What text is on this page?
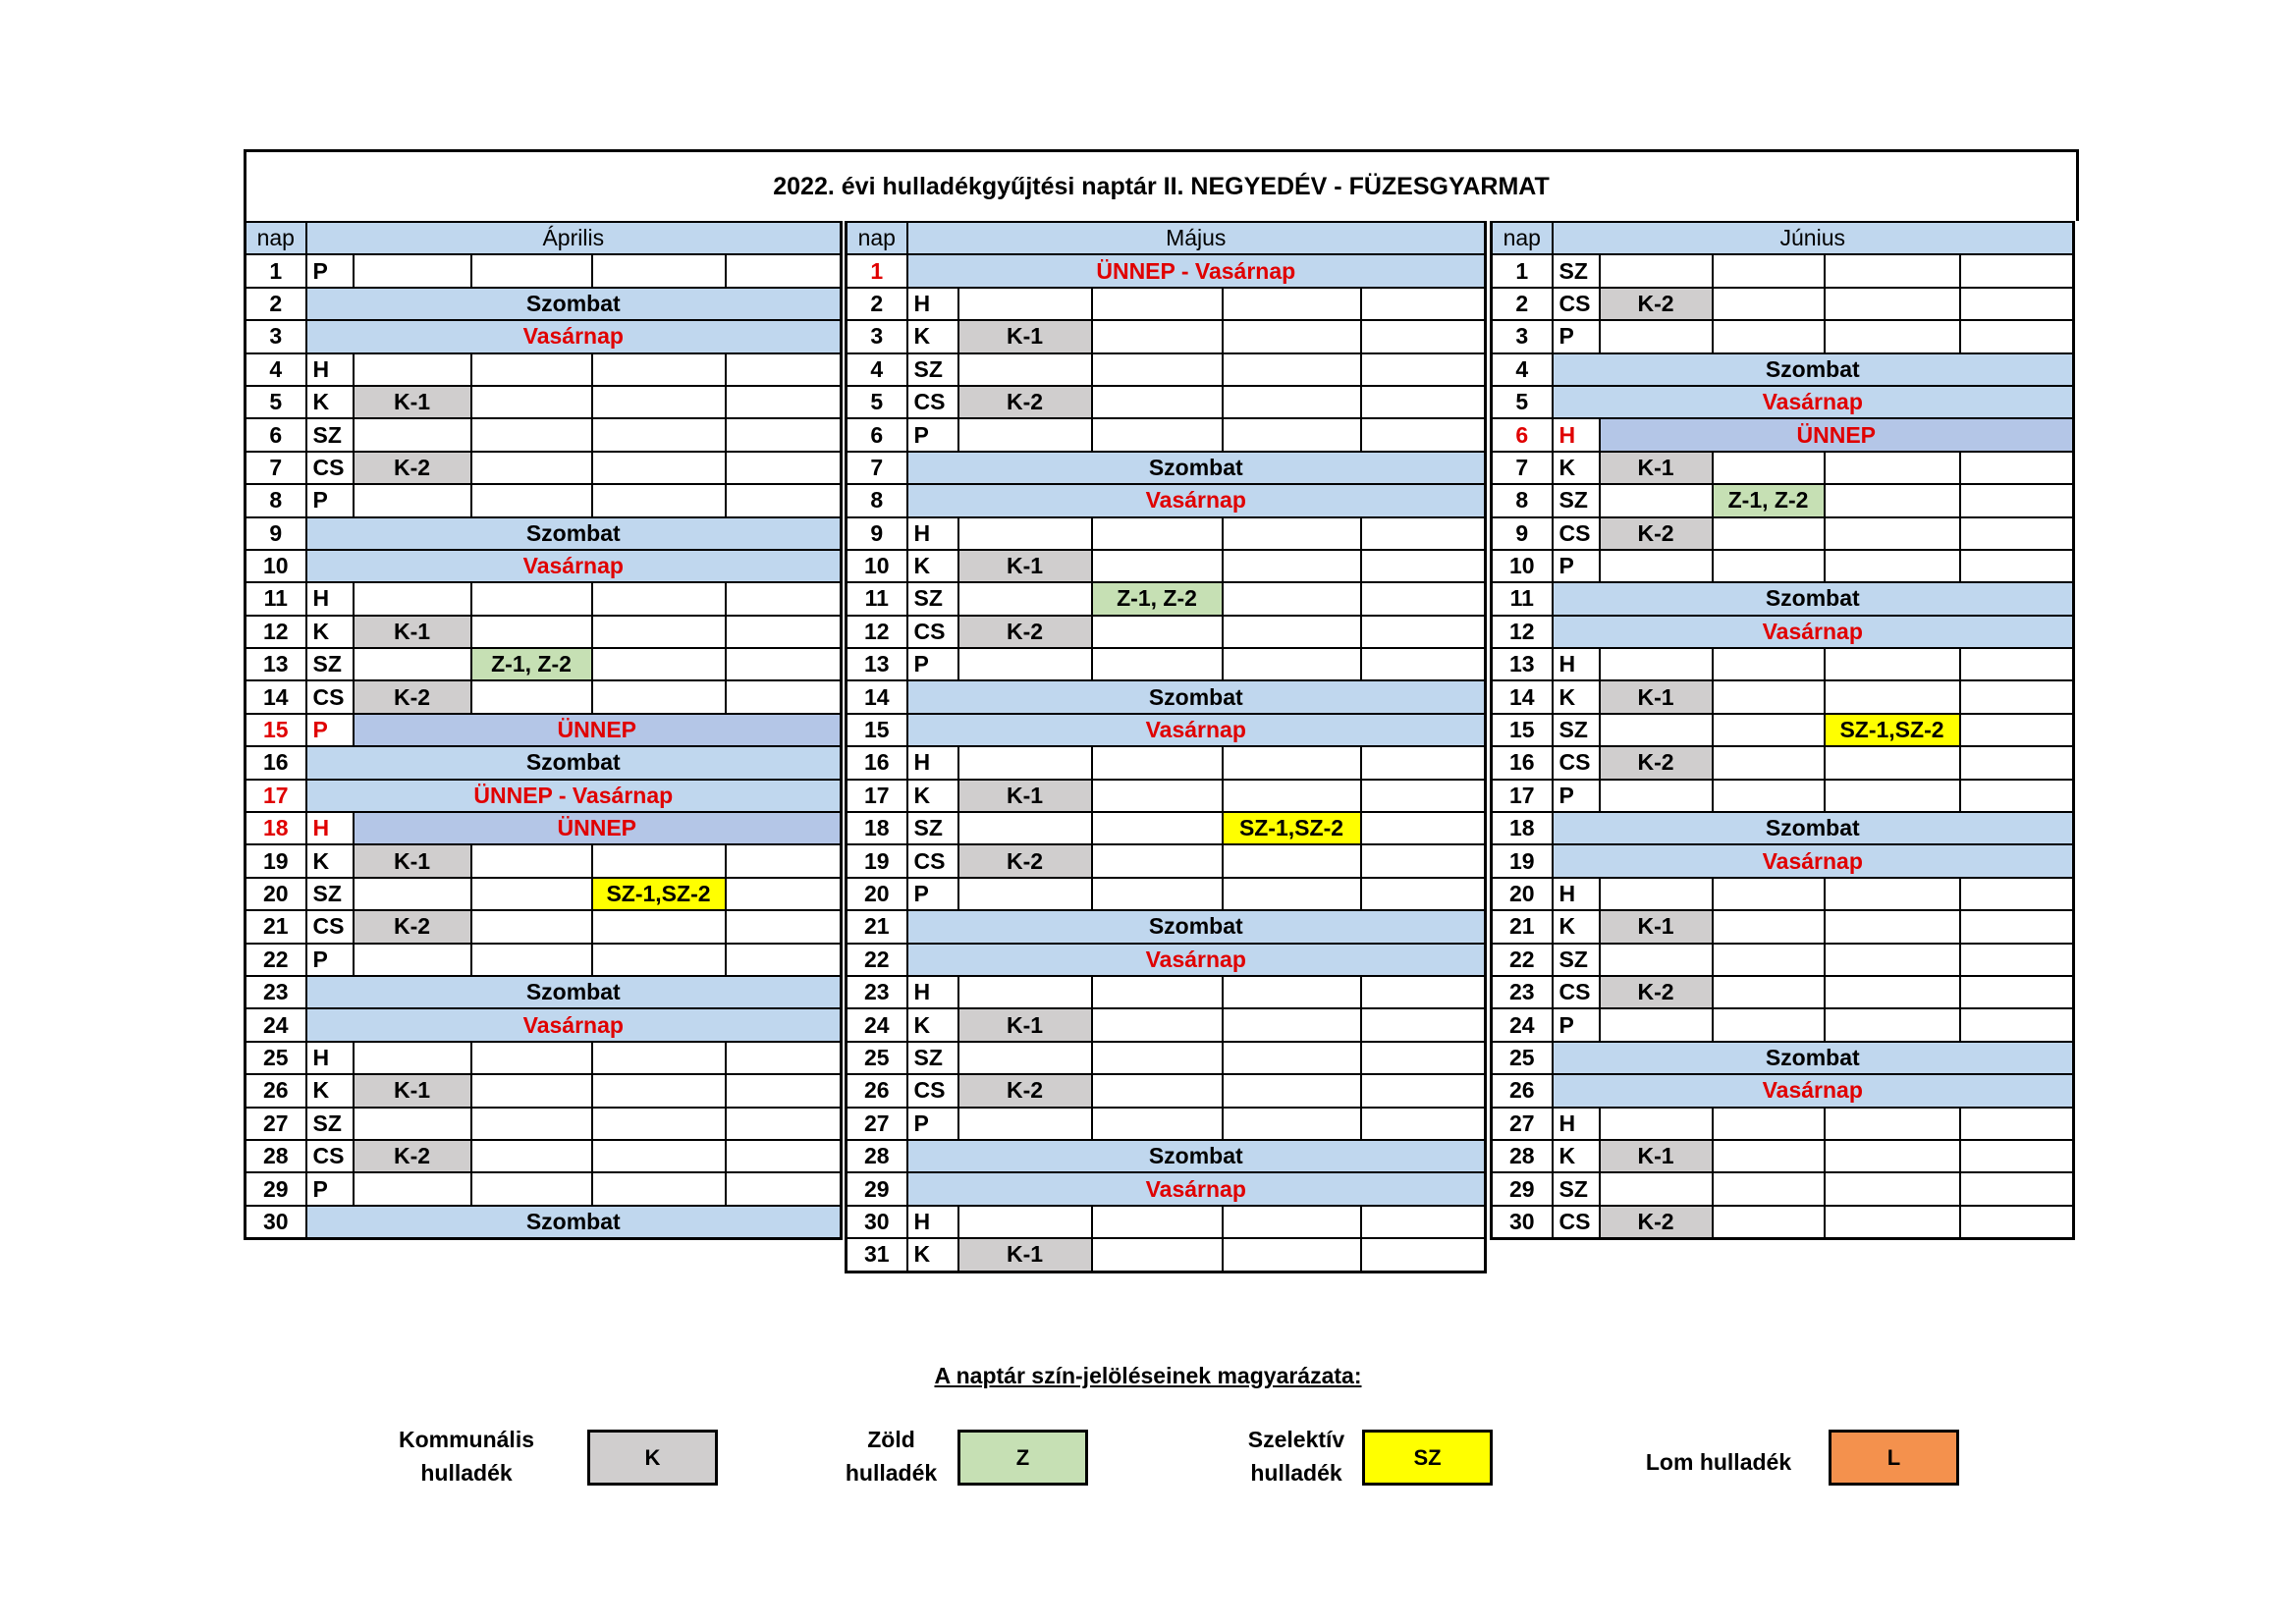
2022. évi hulladékgyűjtési naptár II. NEGYEDÉV - FÜZESGYARMAT
nap	Április				
1	P				
2	Szombat				
3	Vasárnap				
4	H				
5	K	K-1			
6	SZ				
7	CS	K-2			
8	P				
9	Szombat				
10	Vasárnap				
11	H				
12	K	K-1			
13	SZ		Z-1, Z-2		
14	CS	K-2			
15	P	ÜNNEP			
16	Szombat				
17	ÜNNEP - Vasárnap				
18	H	ÜNNEP			
19	K	K-1			
20	SZ			SZ-1,SZ-2	
21	CS	K-2			
22	P				
23	Szombat				
24	Vasárnap				
25	H				
26	K	K-1			
27	SZ				
28	CS	K-2			
29	P				
30	Szombat				
nap	Május				
1	ÜNNEP - Vasárnap				
2	H				
3	K	K-1			
4	SZ				
5	CS	K-2			
6	P				
7	Szombat				
8	Vasárnap				
9	H				
10	K	K-1			
11	SZ		Z-1, Z-2		
12	CS	K-2			
13	P				
14	Szombat				
15	Vasárnap				
16	H				
17	K	K-1			
18	SZ			SZ-1,SZ-2	
19	CS	K-2			
20	P				
21	Szombat				
22	Vasárnap				
23	H				
24	K	K-1			
25	SZ				
26	CS	K-2			
27	P				
28	Szombat				
29	Vasárnap				
30	H				
31	K	K-1			
nap	Június				
1	SZ				
2	CS	K-2			
3	P				
4	Szombat				
5	Vasárnap				
6	H	ÜNNEP			
7	K	K-1			
8	SZ		Z-1, Z-2		
9	CS	K-2			
10	P				
11	Szombat				
12	Vasárnap				
13	H				
14	K	K-1			
15	SZ			SZ-1,SZ-2	
16	CS	K-2			
17	P				
18	Szombat				
19	Vasárnap				
20	H				
21	K	K-1			
22	SZ				
23	CS	K-2			
24	P				
25	Szombat				
26	Vasárnap				
27	H				
28	K	K-1			
29	SZ				
30	CS	K-2			
A naptár szín-jelöléseinek magyarázata:
Kommunális
hulladék
K
Zöld
hulladék
Z
Szelektív
hulladék
SZ	Lom hulladék	L
